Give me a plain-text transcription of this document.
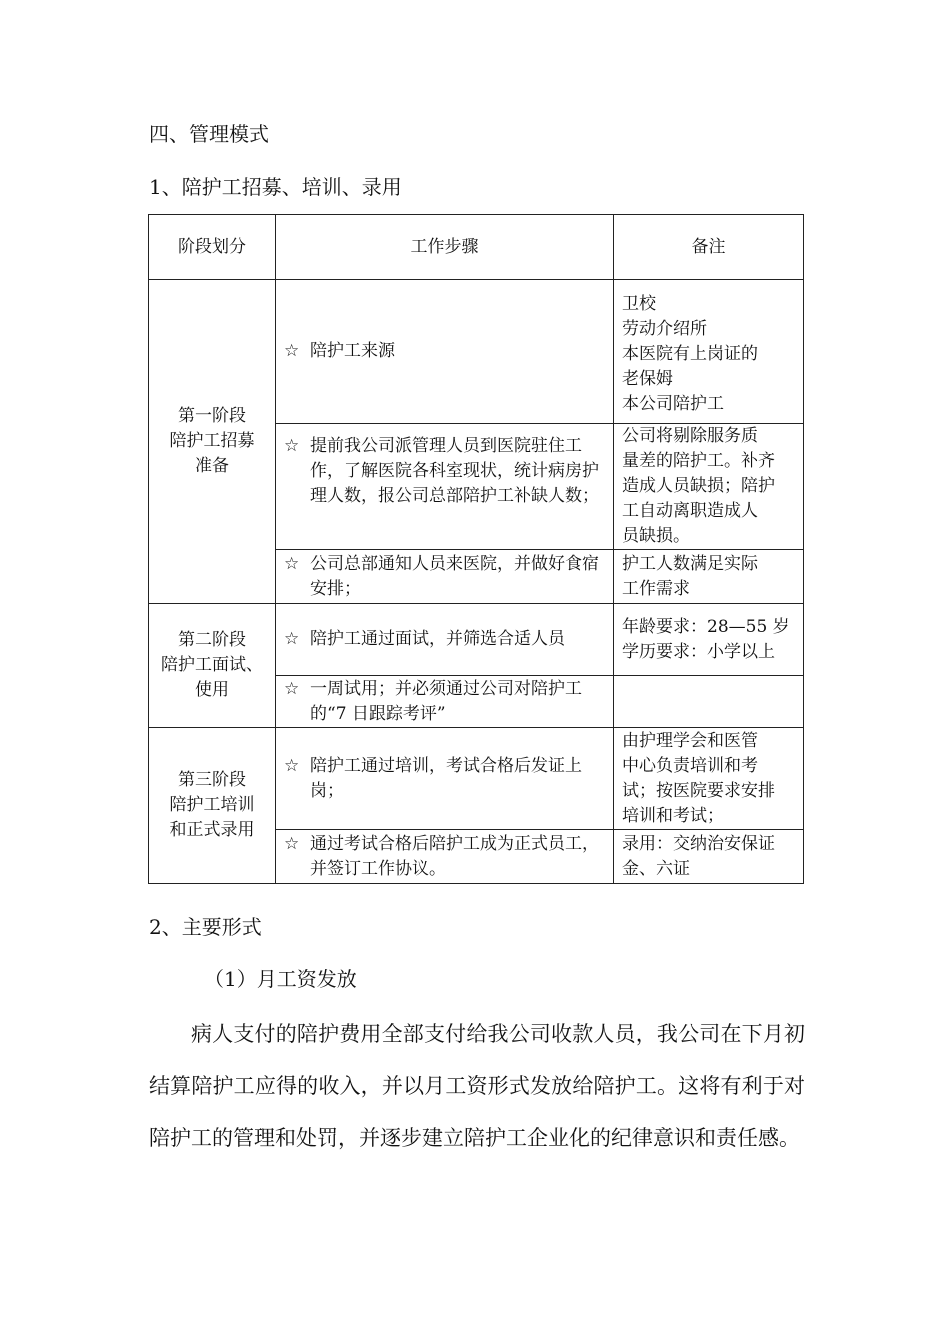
四、管理模式
1、陪护工招募、培训、录用
阶段划分	工作步骤	备注

第一阶段
陪护工招募
准备	☆ 陪护工来源	卫校
劳动介绍所
本医院有上岗证的
老保姆
本公司陪护工

	☆ 提前我公司派管理人员到医院驻住工作，了解医院各科室现状，统计病房护理人数，报公司总部陪护工补缺人数；	公司将剔除服务质
量差的陪护工。补齐
造成人员缺损；陪护
工自动离职造成人
员缺损。

	☆ 公司总部通知人员来医院，并做好食宿安排；	护工人数满足实际
工作需求

第二阶段
陪护工面试、
使用	☆ 陪护工通过面试，并筛选合适人员	年龄要求：28—55 岁
学历要求：小学以上

	☆ 一周试用；并必须通过公司对陪护工的“7 日跟踪考评”	

第三阶段
陪护工培训
和正式录用	☆ 陪护工通过培训，考试合格后发证上岗；	由护理学会和医管
中心负责培训和考
试；按医院要求安排
培训和考试；

	☆ 通过考试合格后陪护工成为正式员工，并签订工作协议。	录用：交纳治安保证
金、六证
2、主要形式
（1）月工资发放
病人支付的陪护费用全部支付给我公司收款人员，我公司在下月初结算陪护工应得的收入，并以月工资形式发放给陪护工。这将有利于对陪护工的管理和处罚，并逐步建立陪护工企业化的纪律意识和责任感。
